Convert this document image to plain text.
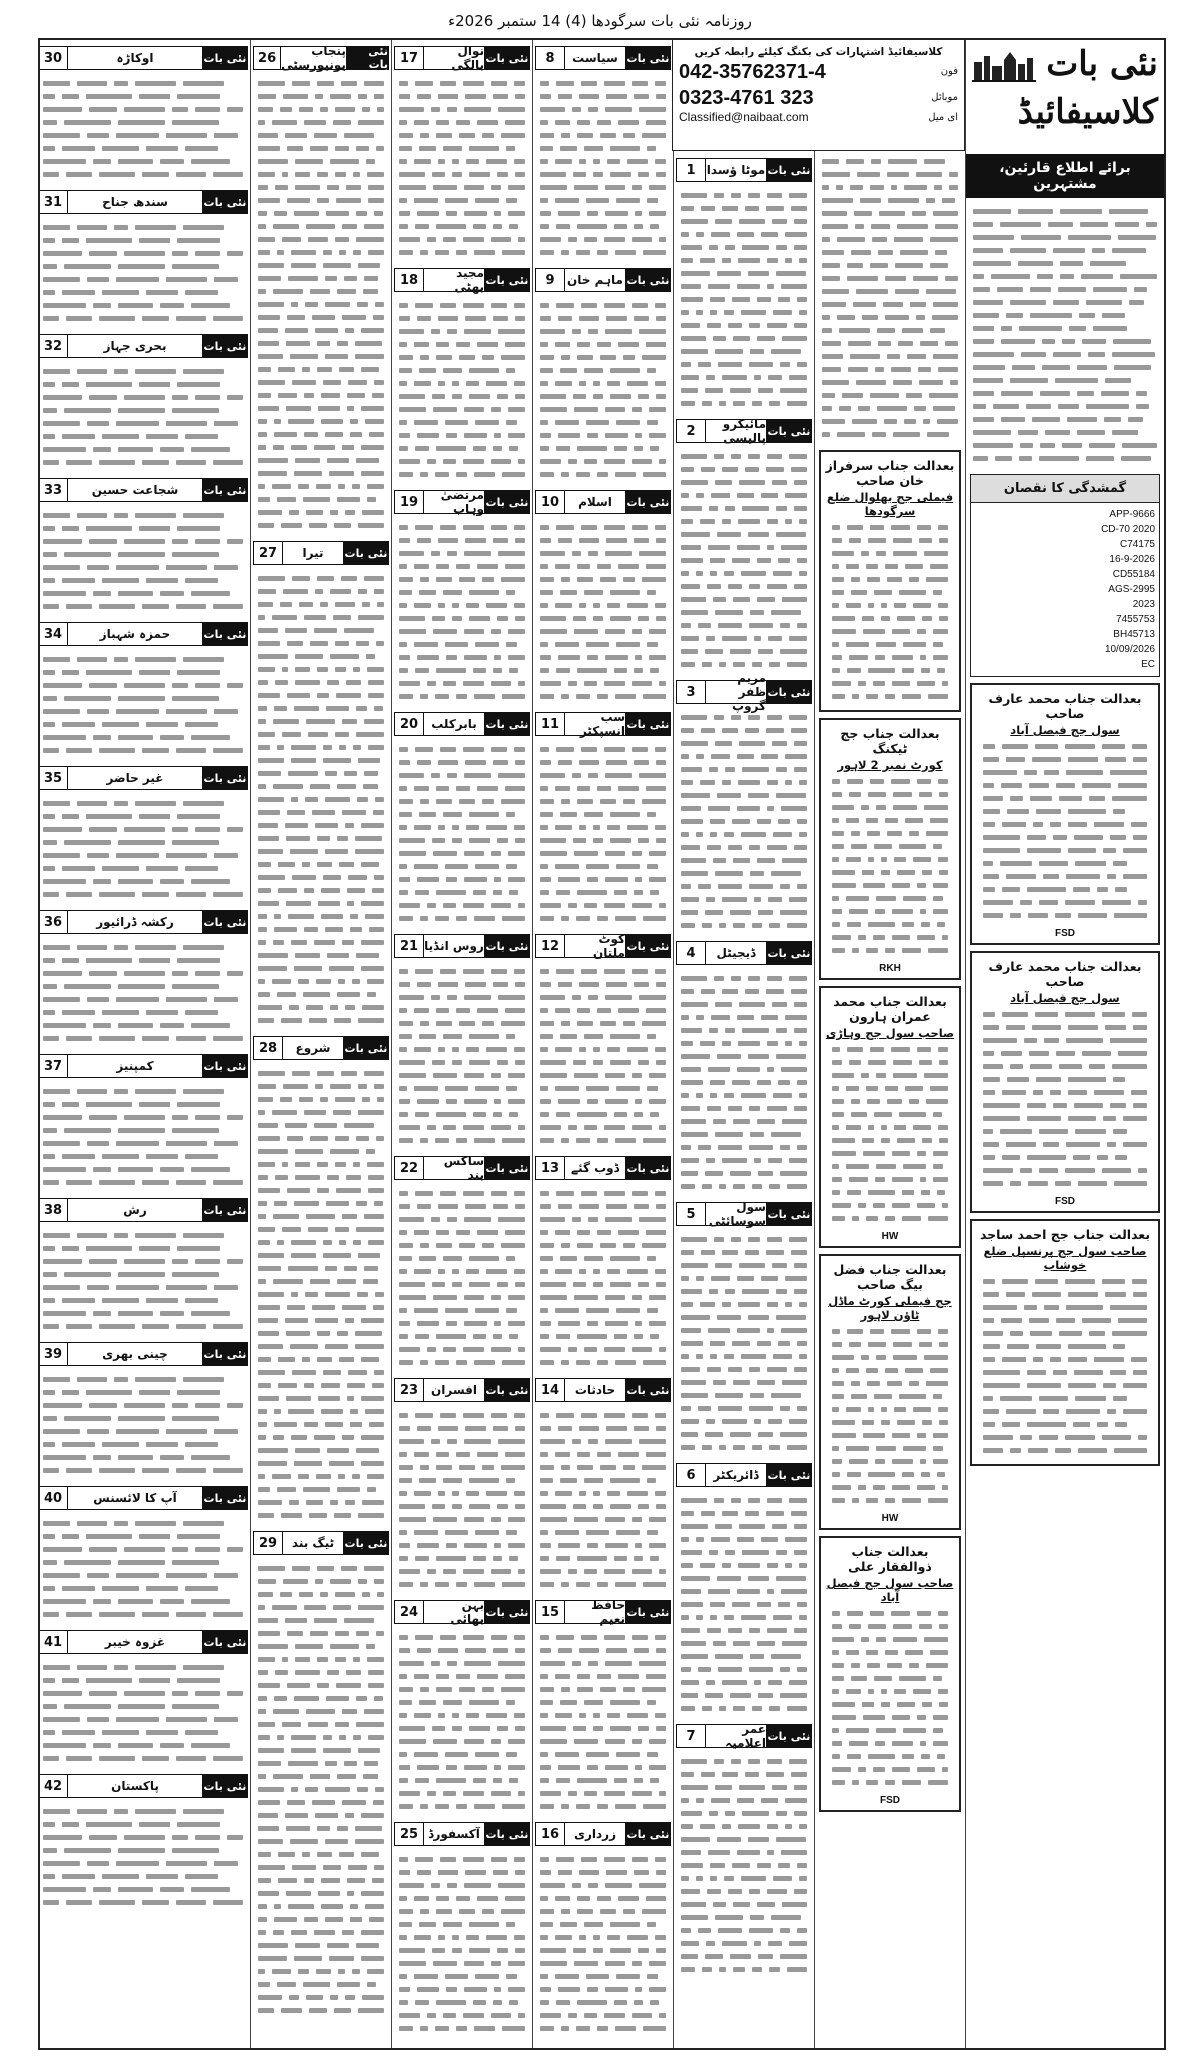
روزنامہ نئی بات سرگودھا (4) 14 ستمبر 2026ء
نئی بات
کلاسیفائیڈ
برائے اطلاع قارئین، مشتہرین
گمشدگی کا نقصان
APP-9666
CD-70 2020
C74175
16-9-2026
CD55184
AGS-2995
2023
7455753
BH45713
10/09/2026
EC
بعدالت جناب محمد عارف صاحب
سول جج فیصل آباد
FSD
بعدالت جناب محمد عارف صاحب
سول جج فیصل آباد
FSD
بعدالت جناب جج احمد ساجد
صاحب سول جج پرنسپل ضلع خوشاب
بعدالت جناب سرفراز خان صاحب
فیملی جج بھلوال ضلع سرگودھا
بعدالت جناب جج ٹیکنگ
کورٹ نمبر 2 لاہور
RKH
بعدالت جناب محمد عمران ہارون
صاحب سول جج وہاڑی
HW
بعدالت جناب فضل بیگ صاحب
جج فیملی کورٹ ماڈل ٹاؤن لاہور
HW
بعدالت جناب ذوالفقار علی
صاحب سول جج فیصل آباد
FSD
نئی بات
موٹا ؤسدا
1
نئی بات
مائیکرو پالیسی
2
نئی بات
مریم ظفر گروپ
3
نئی بات
ڈیجیٹل
4
نئی بات
سول سوسائٹی
5
نئی بات
ڈائریکٹر
6
نئی بات
عمر اعلامیہ
7
نئی بات
سیاست
8
نئی بات
ماہم خان
9
نئی بات
اسلام
10
نئی بات
سب انسپکٹر
11
نئی بات
کوٹ ملتان
12
نئی بات
ڈوب گئے
13
نئی بات
حادثات
14
نئی بات
حافظ نعیم
15
نئی بات
زرداری
16
نئی بات
نوال بالگی
17
نئی بات
مجید بھٹی
18
نئی بات
مرتضیٰ وہاب
19
نئی بات
بابرکلب
20
نئی بات
روس انڈیا
21
نئی بات
ساکس بند
22
نئی بات
افسران
23
نئی بات
بہن بھائی
24
نئی بات
آکسفورڈ
25
نئی بات
پنجاب یونیورسٹی
26
نئی بات
تیرا
27
نئی بات
شروع
28
نئی بات
ٹیگ بند
29
نئی بات
اوکاڑہ
30
نئی بات
سندھ جناح
31
نئی بات
بحری جہاز
32
نئی بات
شجاعت حسین
33
نئی بات
حمزہ شہباز
34
نئی بات
غیر حاضر
35
نئی بات
رکشہ ڈرائیور
36
نئی بات
کمپنیز
37
نئی بات
رش
38
نئی بات
چینی بھری
39
نئی بات
آپ کا لائسنس
40
نئی بات
غزوہ خیبر
41
نئی بات
پاکستان
42
کلاسیفائیڈ اشتہارات کی بکنگ کیلئے رابطہ کریں
فون
042-35762371-4
موبائل
0323-4761 323
ای میل
Classified@naibaat.com
